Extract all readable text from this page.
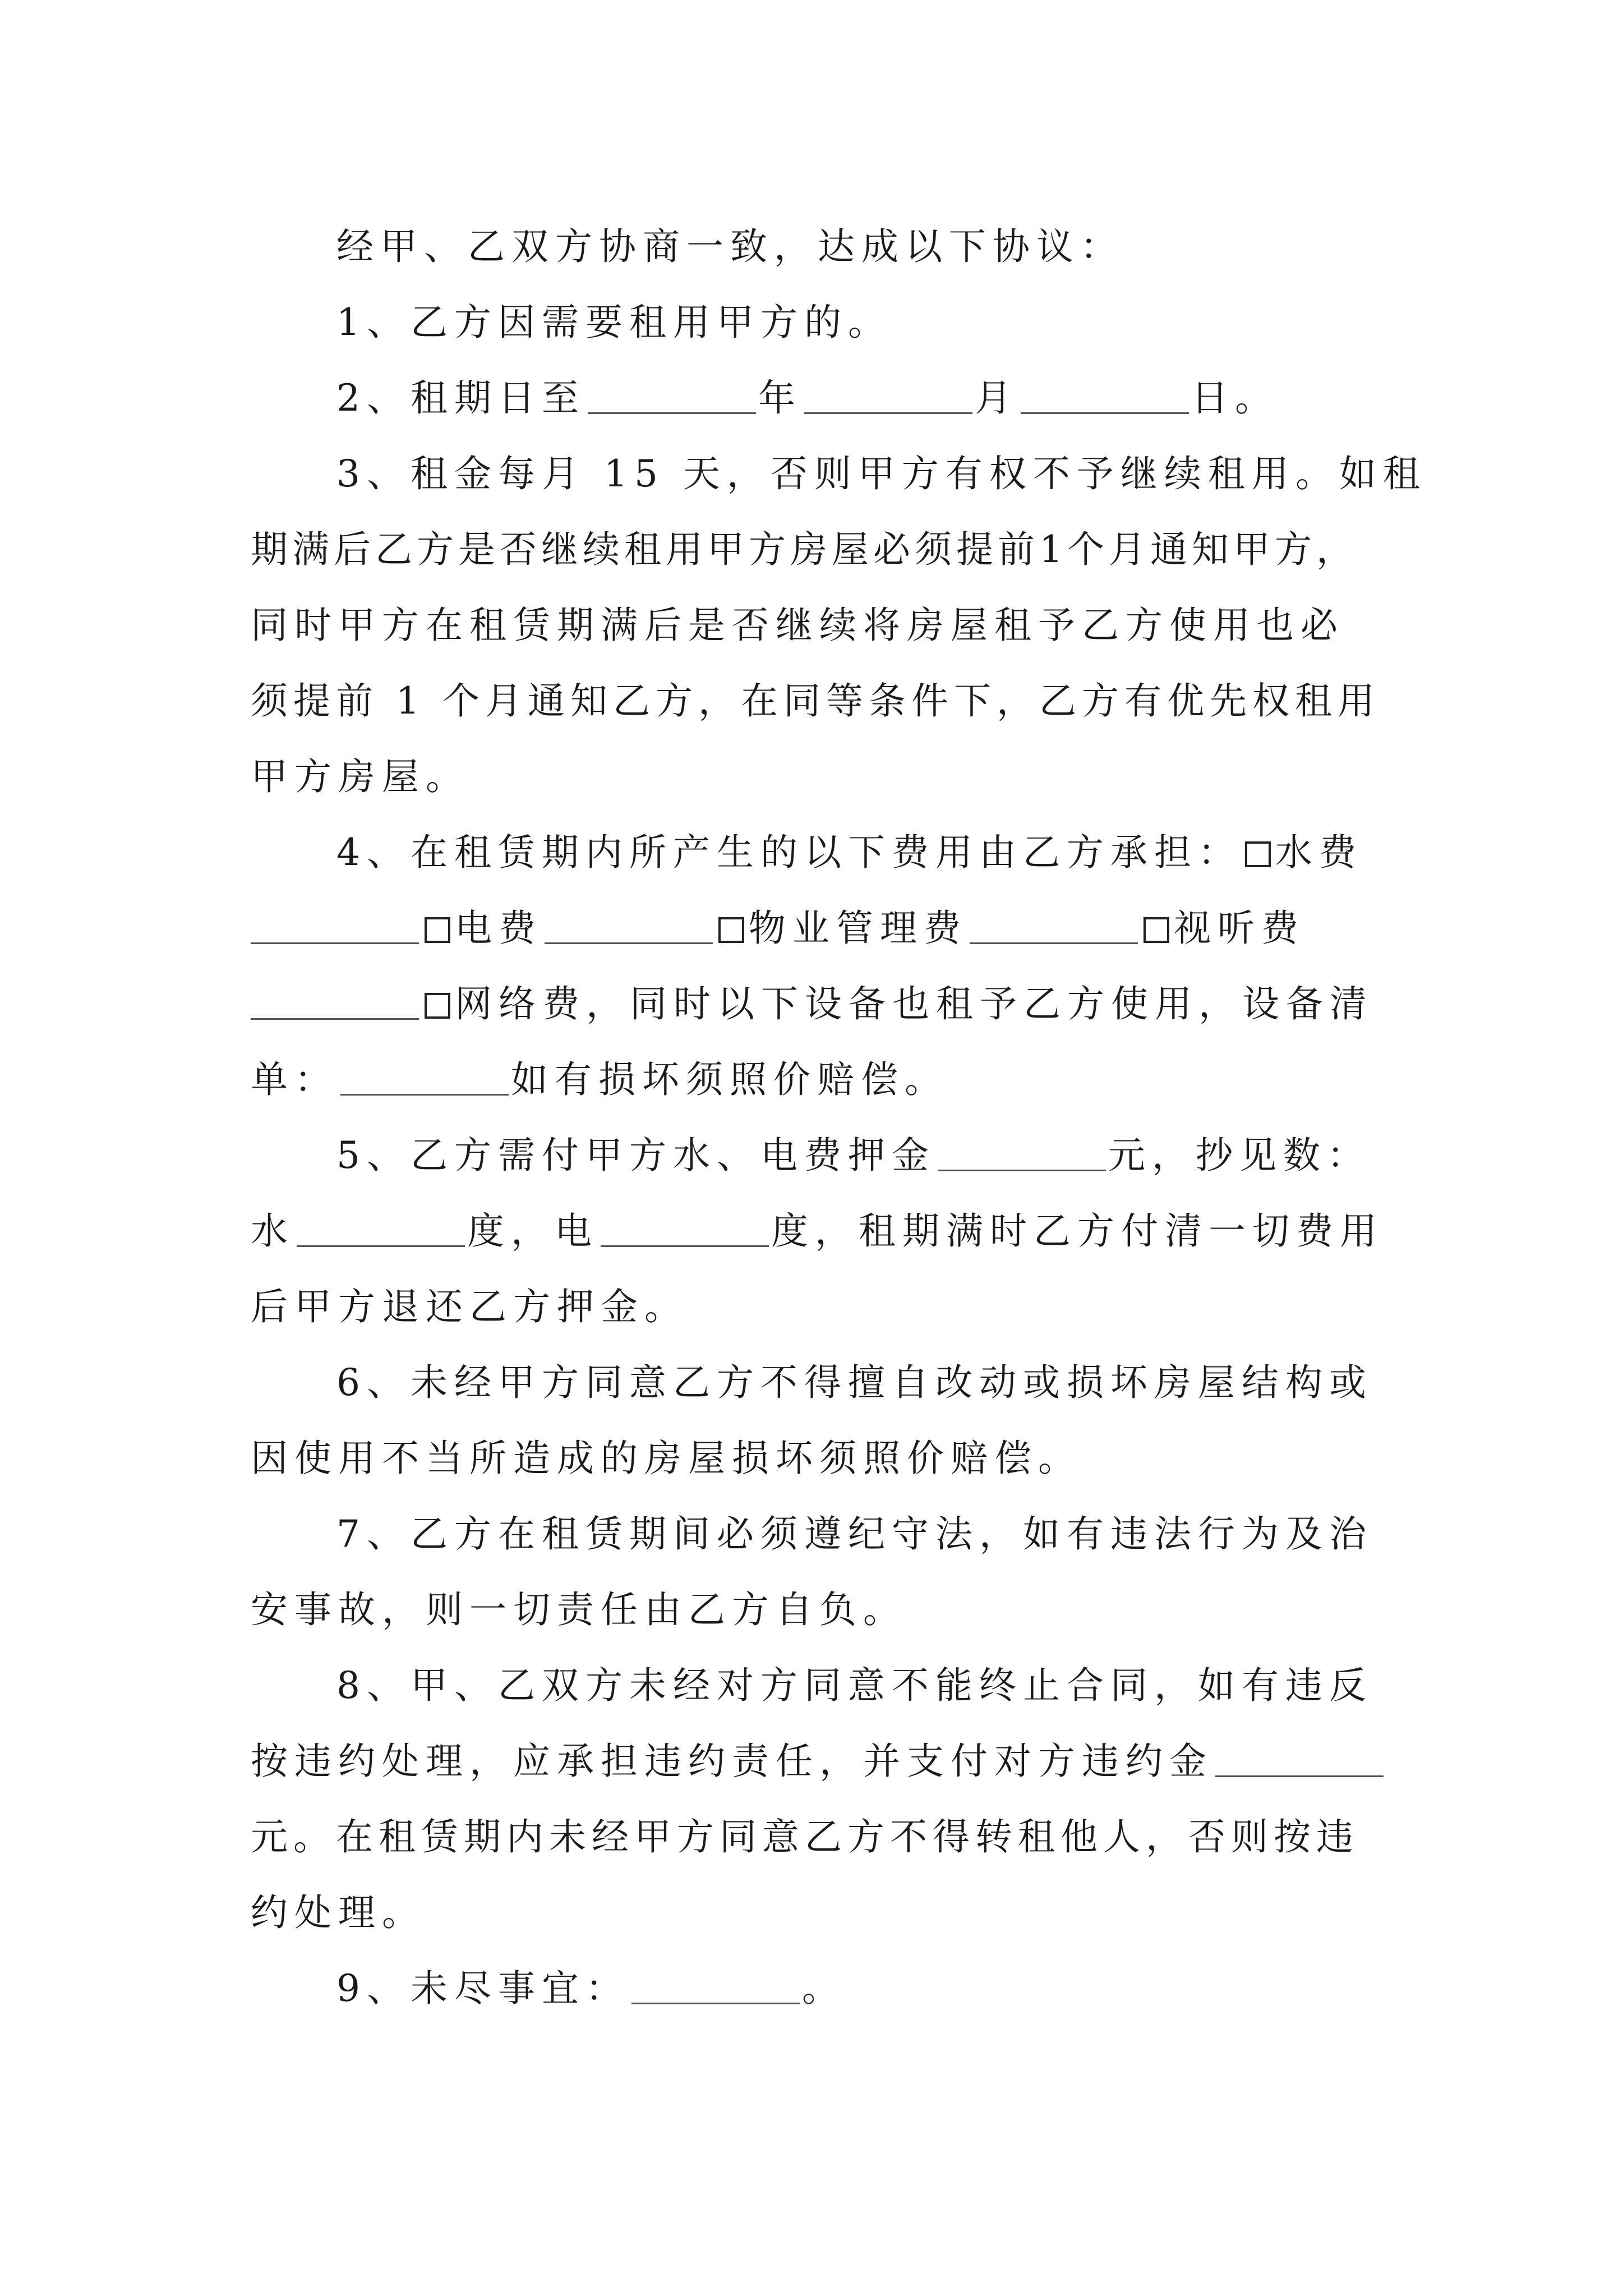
经甲、乙双方协商一致，达成以下协议：
1、乙方因需要租用甲方的。
2、租期日至	年	月	日。
3、租金每月 15 天，否则甲方有权不予继续租用。如租
期满后乙方是否继续租用甲方房屋必须提前1个月通知甲方，
同时甲方在租赁期满后是否继续将房屋租予乙方使用也必
须提前 1 个月通知乙方，在同等条件下，乙方有优先权租用
甲方房屋。
4、在租赁期内所产生的以下费用由乙方承担： 水费
电费	物业管理费	视听费
网络费，同时以下设备也租予乙方使用，设备清
单：	如有损坏须照价赔偿。
5、乙方需付甲方水、电费押金	元，抄见数：
水	度，电	度，租期满时乙方付清一切费用
后甲方退还乙方押金。
6、未经甲方同意乙方不得擅自改动或损坏房屋结构或
因使用不当所造成的房屋损坏须照价赔偿。
7、乙方在租赁期间必须遵纪守法，如有违法行为及治
安事故，则一切责任由乙方自负。
8、甲、乙双方未经对方同意不能终止合同，如有违反
按违约处理，应承担违约责任，并支付对方违约金
元。在租赁期内未经甲方同意乙方不得转租他人，否则按违
约处理。
9、未尽事宜：	。
